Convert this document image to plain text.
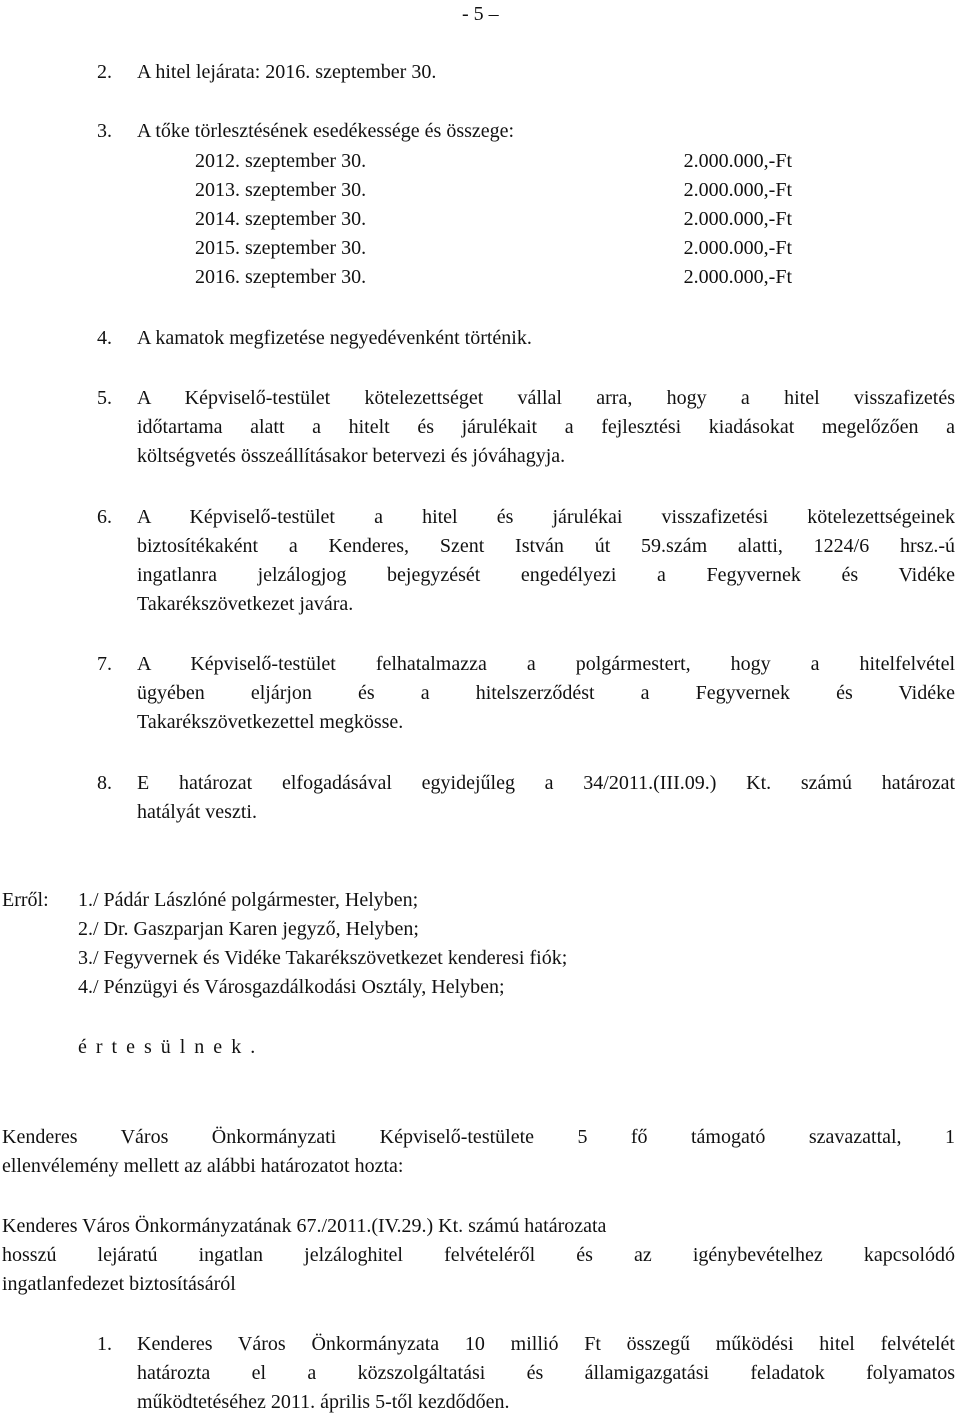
- 5 –
2. A hitel lejárata: 2016. szeptember 30.
3. A tőke törlesztésének esedékessége és összege:
2012. szeptember 30.	2.000.000,-Ft
2013. szeptember 30.	2.000.000,-Ft
2014. szeptember 30.	2.000.000,-Ft
2015. szeptember 30.	2.000.000,-Ft
2016. szeptember 30.	2.000.000,-Ft
4. A kamatok megfizetése negyedévenként történik.
5. A Képviselő-testület kötelezettséget vállal arra, hogy a hitel visszafizetés
időtartama alatt a hitelt és járulékait a fejlesztési kiadásokat megelőzően a
költségvetés összeállításakor betervezi és jóváhagyja.
6. A Képviselő-testület a hitel és járulékai visszafizetési kötelezettségeinek
biztosítékaként a Kenderes, Szent István út 59.szám alatti, 1224/6 hrsz.-ú
ingatlanra jelzálogjog bejegyzését engedélyezi a Fegyvernek és Vidéke
Takarékszövetkezet javára.
7. A Képviselő-testület felhatalmazza a polgármestert, hogy a hitelfelvétel
ügyében eljárjon és a hitelszerződést a Fegyvernek és Vidéke
Takarékszövetkezettel megkösse.
8. E határozat elfogadásával egyidejűleg a 34/2011.(III.09.) Kt. számú határozat
hatályát veszti.
Erről: 1./ Pádár Lászlóné polgármester, Helyben;
2./ Dr. Gaszparjan Karen jegyző, Helyben;
3./ Fegyvernek és Vidéke Takarékszövetkezet kenderesi fiók;
4./ Pénzügyi és Városgazdálkodási Osztály, Helyben;
értesülnek.
Kenderes Város Önkormányzati Képviselő-testülete 5 fő támogató szavazattal, 1
ellenvélemény mellett az alábbi határozatot hozta:
Kenderes Város Önkormányzatának 67./2011.(IV.29.) Kt. számú határozata
hosszú lejáratú ingatlan jelzáloghitel felvételéről és az igénybevételhez kapcsolódó
ingatlanfedezet biztosításáról
1. Kenderes Város Önkormányzata 10 millió Ft összegű működési hitel felvételét
határozta el a közszolgáltatási és államigazgatási feladatok folyamatos
működtetéséhez 2011. április 5-től kezdődően.
